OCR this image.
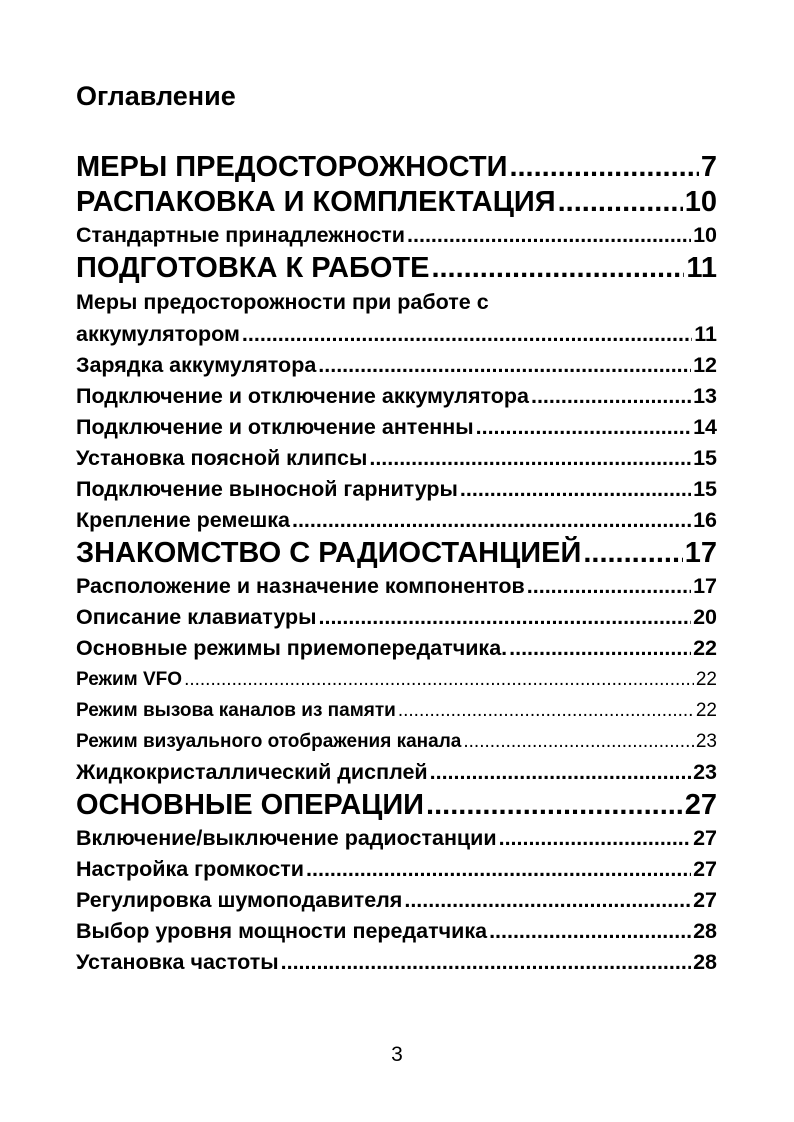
Оглавление
МЕРЫ ПРЕДОСТОРОЖНОСТИ .....	7
РАСПАКОВКА И КОМПЛЕКТАЦИЯ .....	10
Стандартные принадлежности .....	10
ПОДГОТОВКА К РАБОТЕ .....	11
Меры предосторожности при работе с
аккумулятором .....	11
Зарядка аккумулятора .....	12
Подключение и отключение аккумулятора .....	13
Подключение и отключение антенны .....	14
Установка поясной клипсы .....	15
Подключение выносной гарнитуры .....	15
Крепление ремешка .....	16
ЗНАКОМСТВО С РАДИОСТАНЦИЕЙ .....	17
Расположение и назначение компонентов .....	17
Описание клавиатуры .....	20
Основные режимы приемопередатчика. .....	22
Режим VFO .....	22
Режим вызова каналов из памяти .....	22
Режим визуального отображения канала .....	23
Жидкокристаллический дисплей .....	23
ОСНОВНЫЕ ОПЕРАЦИИ .....	27
Включение/выключение радиостанции .....	27
Настройка громкости .....	27
Регулировка шумоподавителя .....	27
Выбор уровня мощности передатчика .....	28
Установка частоты .....	28
3
